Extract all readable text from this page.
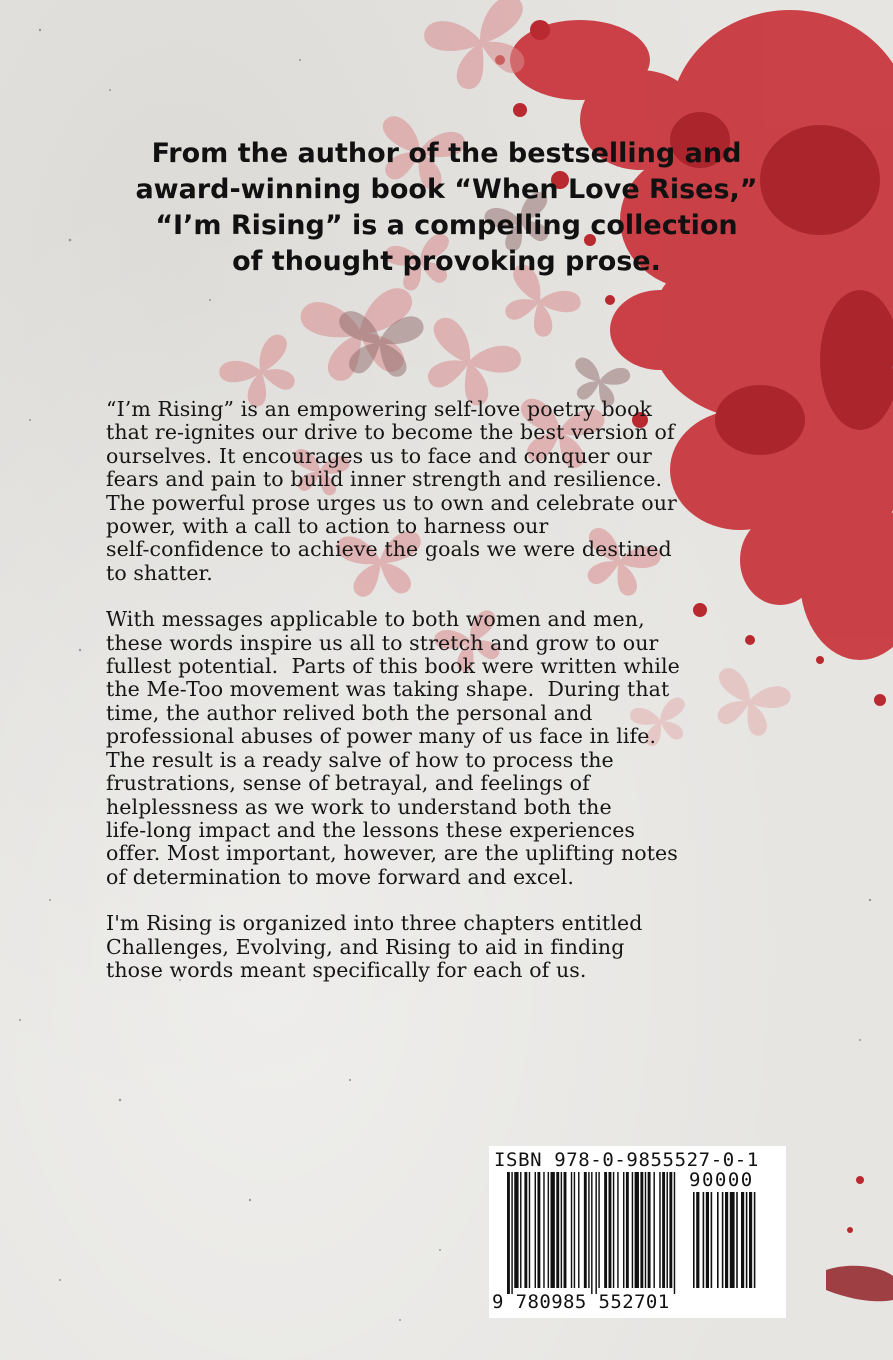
From the author of the bestselling and
award-winning book “When Love Rises,”
“I’m Rising” is a compelling collection
of thought provoking prose.

“I’m Rising” is an empowering self-love poetry book
that re-ignites our drive to become the best version of
ourselves. It encourages us to face and conquer our
fears and pain to build inner strength and resilience.
The powerful prose urges us to own and celebrate our
power, with a call to action to harness our
self-confidence to achieve the goals we were destined
to shatter.

With messages applicable to both women and men,
these words inspire us all to stretch and grow to our
fullest potential.  Parts of this book were written while
the Me-Too movement was taking shape.  During that
time, the author relived both the personal and
professional abuses of power many of us face in life.
The result is a ready salve of how to process the
frustrations, sense of betrayal, and feelings of
helplessness as we work to understand both the
life-long impact and the lessons these experiences
offer. Most important, however, are the uplifting notes
of determination to move forward and excel.

I'm Rising is organized into three chapters entitled
Challenges, Evolving, and Rising to aid in finding
those words meant specifically for each of us.

ISBN 978-0-9855527-0-1
90000
9 780985 552701
